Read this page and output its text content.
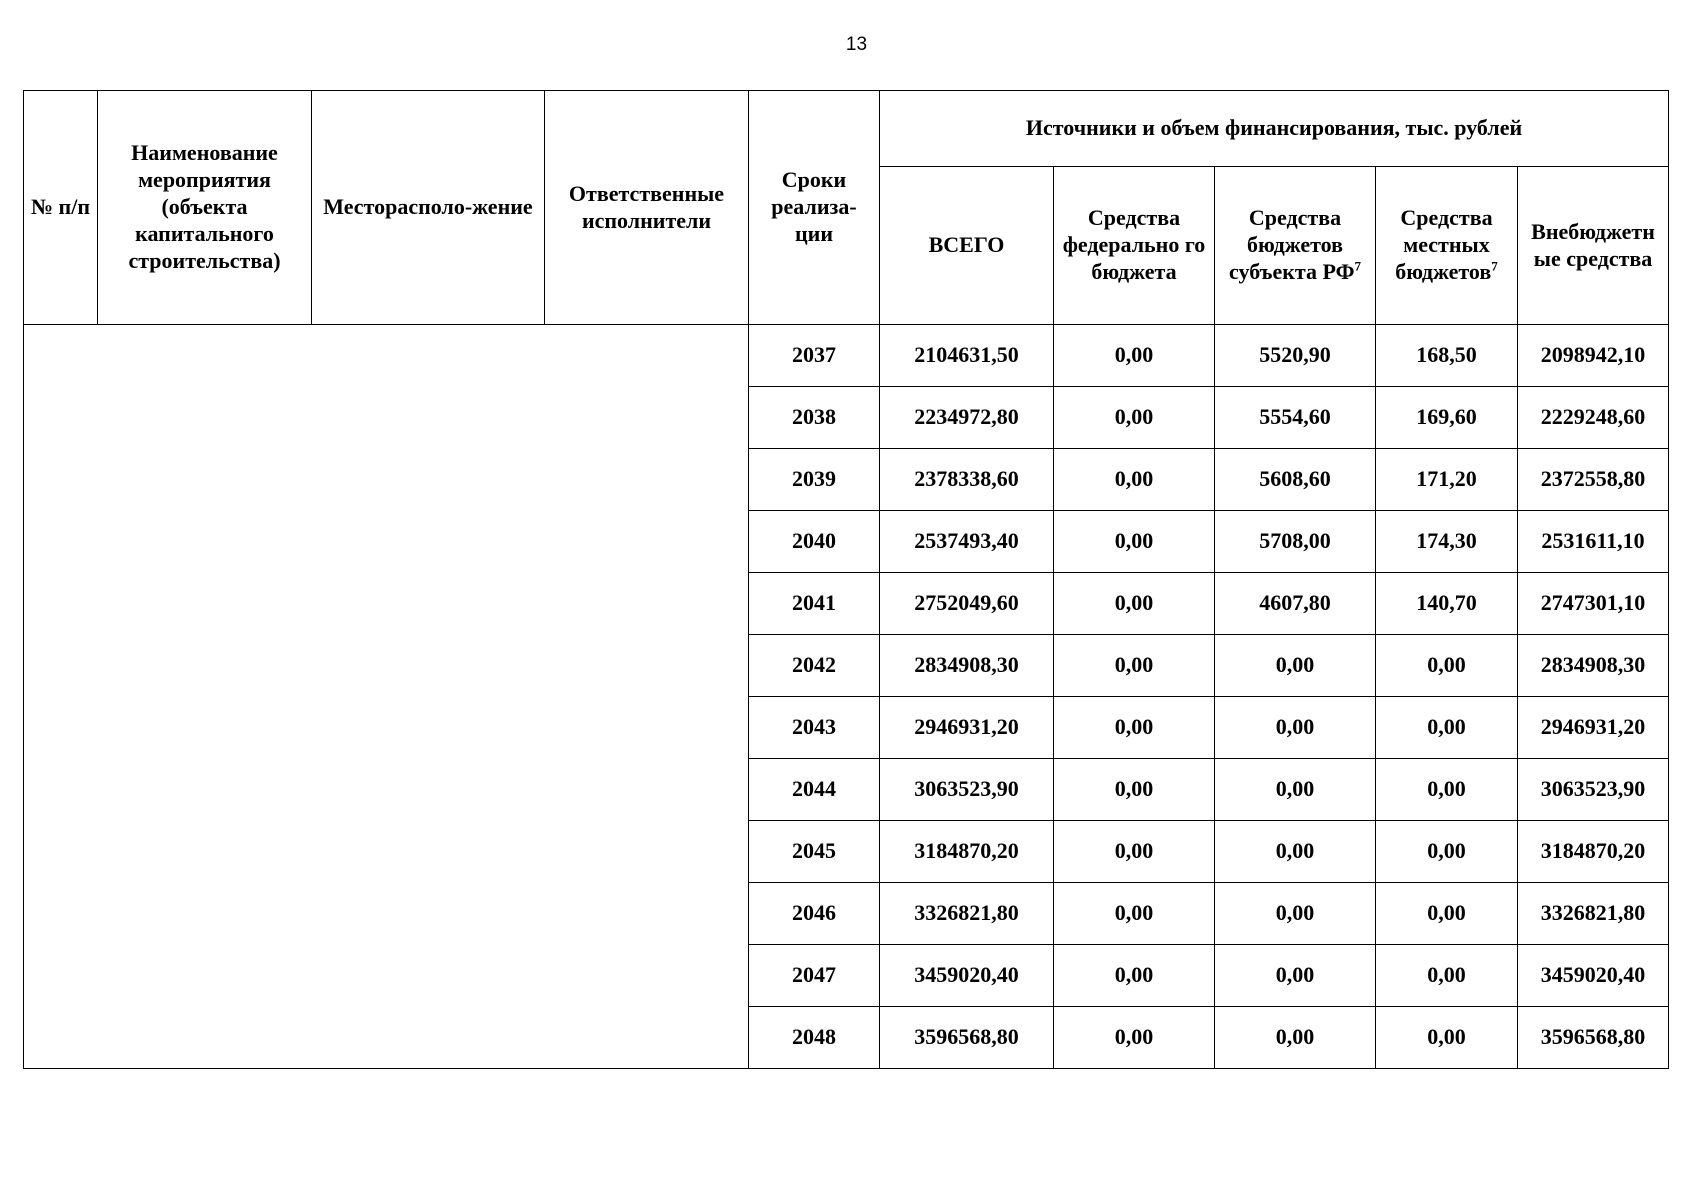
13
№ п/п	Наименование мероприятия (объекта капитального строительства)	Месторасполо-жение	Ответственные исполнители	Сроки реализа-ции	Источники и объем финансирования, тыс. рублей				
					ВСЕГО	Средства федерально го бюджета	Средства бюджетов субъекта $РФ^7$	Средства местных бюджетов$^7$	Внебюджетн ые средства
				2037	2104631,50	0,00	5520,90	168,50	2098942,10
				2038	2234972,80	0,00	5554,60	169,60	2229248,60
				2039	2378338,60	0,00	5608,60	171,20	2372558,80
				2040	2537493,40	0,00	5708,00	174,30	2531611,10
				2041	2752049,60	0,00	4607,80	140,70	2747301,10
				2042	2834908,30	0,00	0,00	0,00	2834908,30
				2043	2946931,20	0,00	0,00	0,00	2946931,20
				2044	3063523,90	0,00	0,00	0,00	3063523,90
				2045	3184870,20	0,00	0,00	0,00	3184870,20
				2046	3326821,80	0,00	0,00	0,00	3326821,80
				2047	3459020,40	0,00	0,00	0,00	3459020,40
				2048	3596568,80	0,00	0,00	0,00	3596568,80
